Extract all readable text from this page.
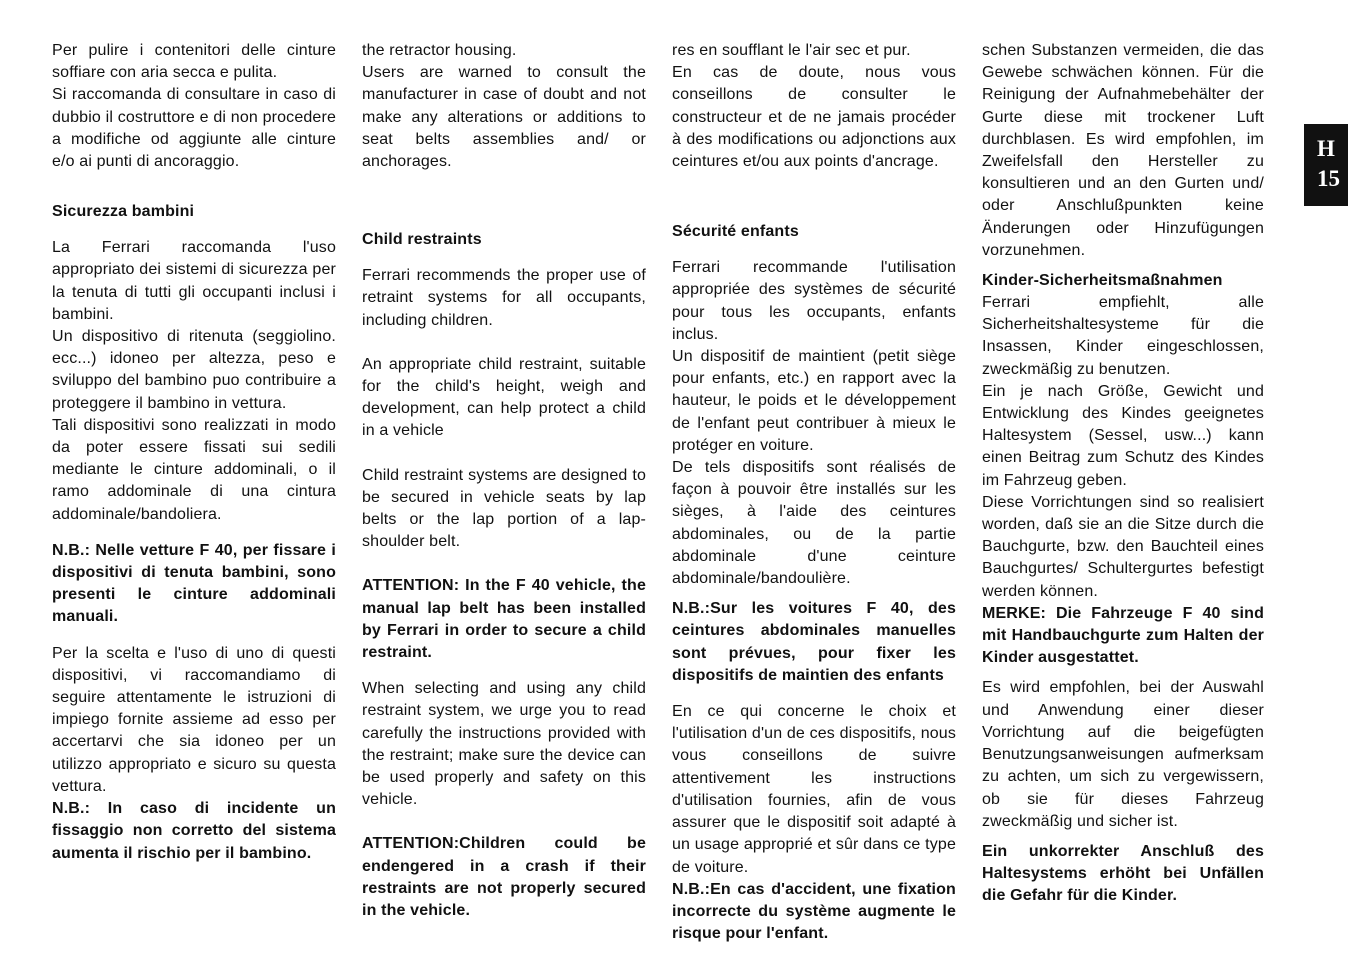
Per pulire i contenitori delle cinture soffiare con aria secca e pulita.

Si raccomanda di consultare in caso di dubbio il costruttore e di non procedere a modifiche od aggiunte alle cinture e/o ai punti di ancoraggio.

Sicurezza bambini

La Ferrari raccomanda l'uso appropriato dei sistemi di sicurezza per la tenuta di tutti gli occupanti inclusi i bambini.

Un dispositivo di ritenuta (seggiolino. ecc...) idoneo per altezza, peso e sviluppo del bambino puo contribuire a proteggere il bambino in vettura.

Tali dispositivi sono realizzati in modo da poter essere fissati sui sedili mediante le cinture addominali, o il ramo addominale di una cintura addominale/bandoliera.

N.B.: Nelle vetture F 40, per fissare i dispositivi di tenuta bambini, sono presenti le cinture addominali manuali.

Per la scelta e l'uso di uno di questi dispositivi, vi raccomandiamo di seguire attentamente le istruzioni di impiego fornite assieme ad esso per accertarvi che sia idoneo per un utilizzo appropriato e sicuro su questa vettura.

N.B.: In caso di incidente un fissaggio non corretto del sistema aumenta il rischio per il bambino.

the retractor housing.

Users are warned to consult the manufacturer in case of doubt and not make any alterations or additions to seat belts assemblies and/ or anchorages.

Child restraints

Ferrari recommends the proper use of retraint systems for all occupants, including children.

An appropriate child restraint, suitable for the child's height, weigh and development, can help protect a child in a vehicle

Child restraint systems are designed to be secured in vehicle seats by lap belts or the lap portion of a lap-shoulder belt.

ATTENTION: In the F 40 vehicle, the manual lap belt has been installed by Ferrari in order to secure a child restraint.

When selecting and using any child restraint system, we urge you to read carefully the instructions provided with the restraint; make sure the device can be used properly and safety on this vehicle.

ATTENTION:Children could be endengered in a crash if their restraints are not properly secured in the vehicle.

res en soufflant le l'air sec et pur.

En cas de doute, nous vous conseillons de consulter le constructeur et de ne jamais procéder à des modifications ou adjonctions aux ceintures et/ou aux points d'ancrage.

Sécurité enfants

Ferrari recommande l'utilisation appropriée des systèmes de sécurité pour tous les occupants, enfants inclus.

Un dispositif de maintient (petit siège pour enfants, etc.) en rapport avec la hauteur, le poids et le développement de l'enfant peut contribuer à mieux le protéger en voiture.

De tels dispositifs sont réalisés de façon à pouvoir être installés sur les sièges, à l'aide des ceintures abdominales, ou de la partie abdominale d'une ceinture abdominale/bandoulière.

N.B.:Sur les voitures F 40, des ceintures abdominales manuelles sont prévues, pour fixer les dispositifs de maintien des enfants

En ce qui concerne le choix et l'utilisation d'un de ces dispositifs, nous vous conseillons de suivre attentivement les instructions d'utilisation fournies, afin de vous assurer que le dispositif soit adapté à un usage approprié et sûr dans ce type de voiture.

N.B.:En cas d'accident, une fixation incorrecte du système augmente le risque pour l'enfant.

schen Substanzen vermeiden, die das Gewebe schwächen können. Für die Reinigung der Aufnahmebehälter der Gurte diese mit trockener Luft durchblasen. Es wird empfohlen, im Zweifelsfall den Hersteller zu konsultieren und an den Gurten und/ oder Anschlußpunkten keine Änderungen oder Hinzufügungen vorzunehmen.

Kinder-Sicherheitsmaßnahmen

Ferrari empfiehlt, alle Sicherheitshaltesysteme für die Insassen, Kinder eingeschlossen, zweckmäßig zu benutzen.

Ein je nach Größe, Gewicht und Entwicklung des Kindes geeignetes Haltesystem (Sessel, usw...) kann einen Beitrag zum Schutz des Kindes im Fahrzeug geben.

Diese Vorrichtungen sind so realisiert worden, daß sie an die Sitze durch die Bauchgurte, bzw. den Bauchteil eines Bauchgurtes/ Schultergurtes befestigt werden können.

MERKE: Die Fahrzeuge F 40 sind mit Handbauchgurte zum Halten der Kinder ausgestattet.

Es wird empfohlen, bei der Auswahl und Anwendung einer dieser Vorrichtung auf die beigefügten Benutzungsanweisungen aufmerksam zu achten, um sich zu vergewissern, ob sie für dieses Fahrzeug zweckmäßig und sicher ist.

Ein unkorrekter Anschluß des Haltesystems erhöht bei Unfällen die Gefahr für die Kinder.

H
15
